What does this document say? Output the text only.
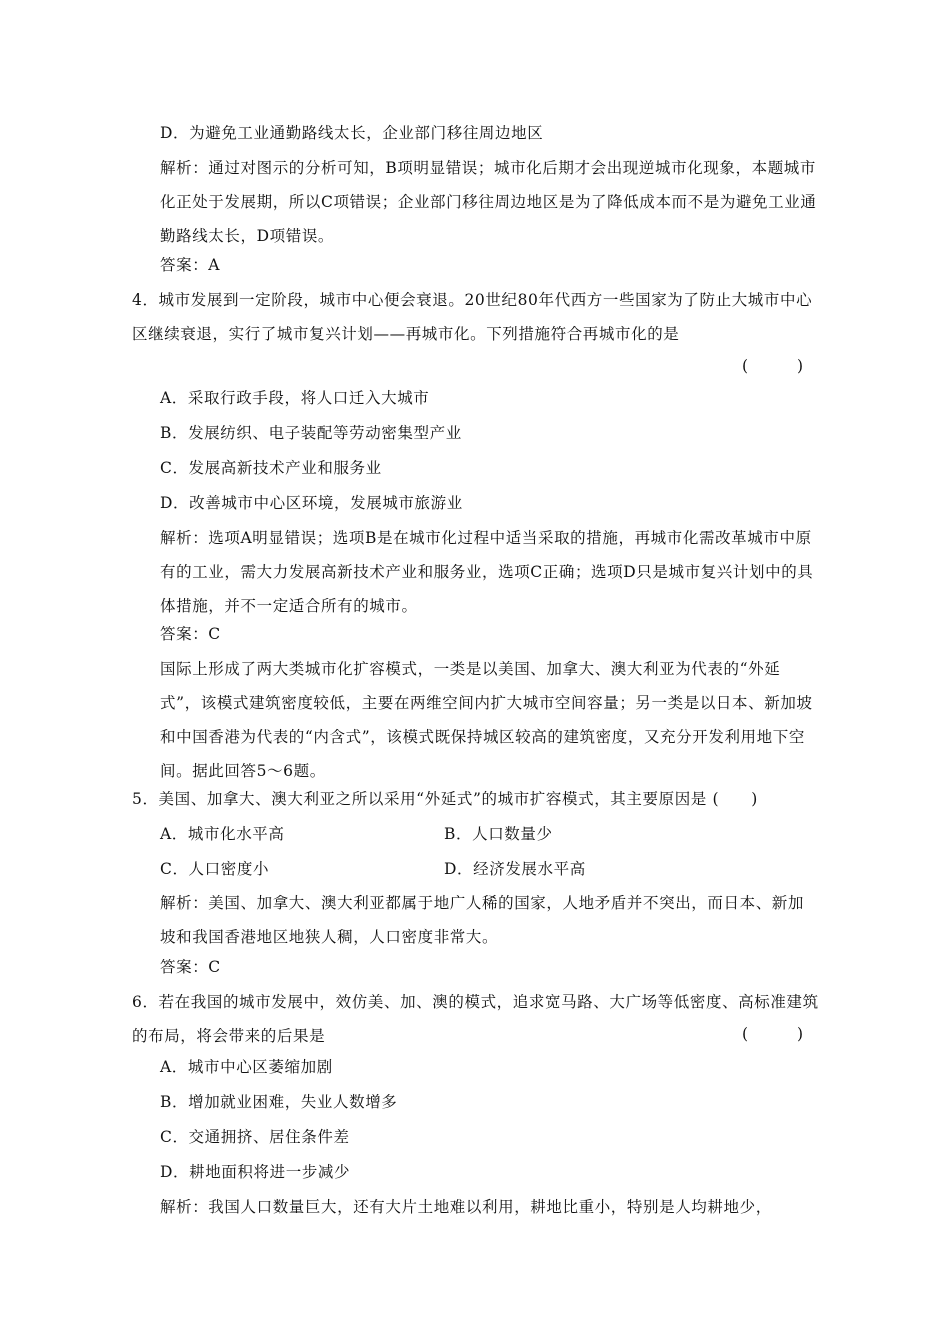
D．为避免工业通勤路线太长，企业部门移往周边地区
解析：通过对图示的分析可知，B项明显错误；城市化后期才会出现逆城市化现象，本题城市化正处于发展期，所以C项错误；企业部门移往周边地区是为了降低成本而不是为避免工业通勤路线太长，D项错误。
答案：A
4．城市发展到一定阶段，城市中心便会衰退。20世纪80年代西方一些国家为了防止大城市中心区继续衰退，实行了城市复兴计划——再城市化。下列措施符合再城市化的是
(　　)
A．采取行政手段，将人口迁入大城市
B．发展纺织、电子装配等劳动密集型产业
C．发展高新技术产业和服务业
D．改善城市中心区环境，发展城市旅游业
解析：选项A明显错误；选项B是在城市化过程中适当采取的措施，再城市化需改革城市中原有的工业，需大力发展高新技术产业和服务业，选项C正确；选项D只是城市复兴计划中的具体措施，并不一定适合所有的城市。
答案：C
国际上形成了两大类城市化扩容模式，一类是以美国、加拿大、澳大利亚为代表的“外延式”，该模式建筑密度较低，主要在两维空间内扩大城市空间容量；另一类是以日本、新加坡和中国香港为代表的“内含式”，该模式既保持城区较高的建筑密度，又充分开发利用地下空间。据此回答5～6题。
5．美国、加拿大、澳大利亚之所以采用“外延式”的城市扩容模式，其主要原因是 (　　)
A．城市化水平高	B．人口数量少
C．人口密度小	D．经济发展水平高
解析：美国、加拿大、澳大利亚都属于地广人稀的国家，人地矛盾并不突出，而日本、新加坡和我国香港地区地狭人稠，人口密度非常大。
答案：C
6．若在我国的城市发展中，效仿美、加、澳的模式，追求宽马路、大广场等低密度、高标准建筑的布局，将会带来的后果是	(　　)
A．城市中心区萎缩加剧
B．增加就业困难，失业人数增多
C．交通拥挤、居住条件差
D．耕地面积将进一步减少
解析：我国人口数量巨大，还有大片土地难以利用，耕地比重小，特别是人均耕地少，
